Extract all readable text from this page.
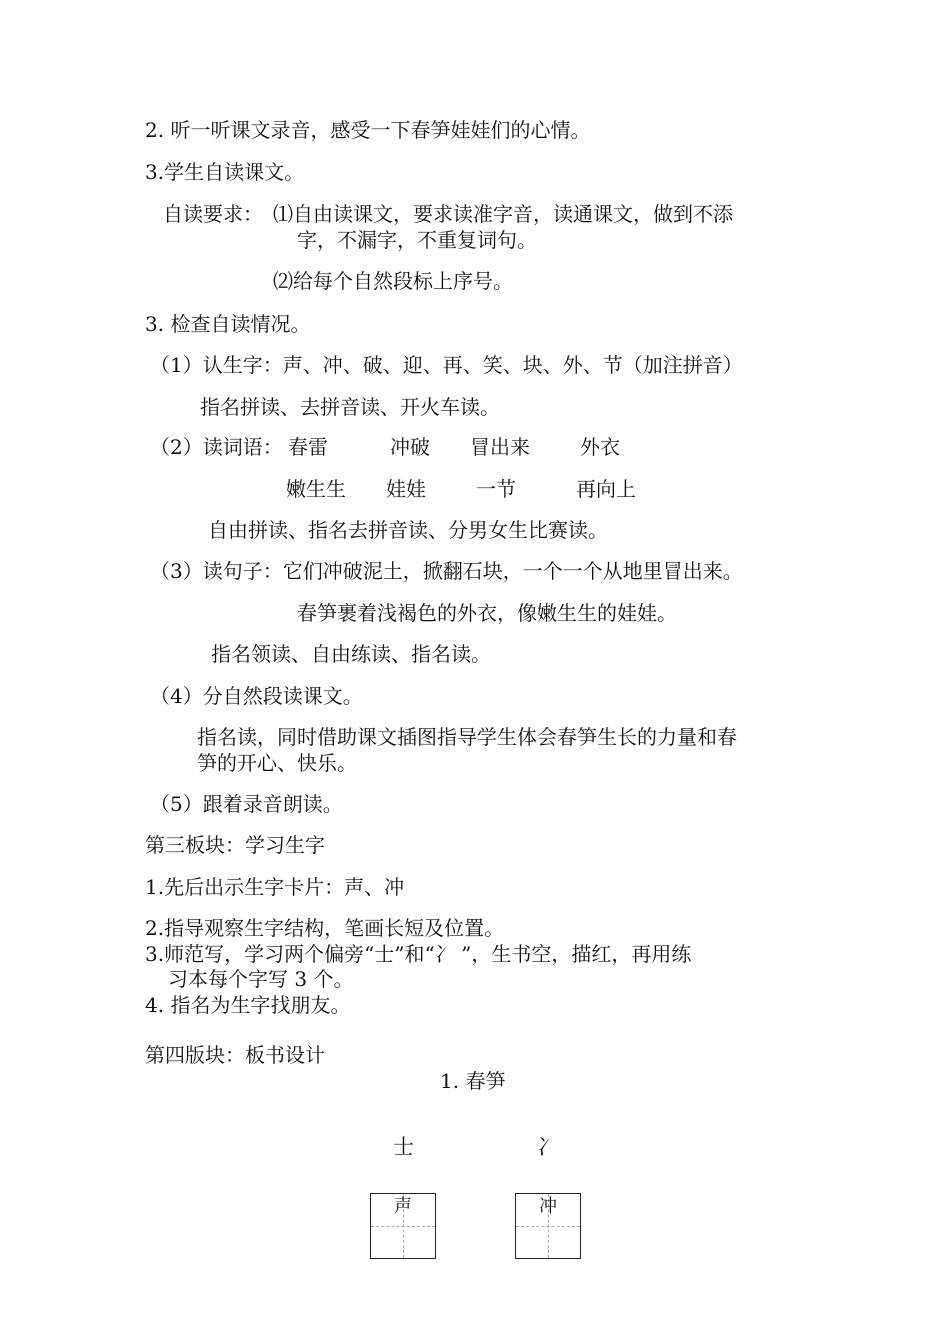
2. 听一听课文录音，感受一下春笋娃娃们的心情。
3.学生自读课文。
自读要求： ⑴自由读课文，要求读准字音，读通课文，做到不添
字，不漏字，不重复词句。
⑵给每个自然段标上序号。
3. 检查自读情况。
（1）认生字：声、冲、破、迎、再、笑、块、外、节（加注拼音）
指名拼读、去拼音读、开火车读。
（2）读词语： 春雷	冲破 冒出来	外衣
嫩生生 娃娃	一节	再向上
自由拼读、指名去拼音读、分男女生比赛读。
（3）读句子：它们冲破泥土，掀翻石块，一个一个从地里冒出来。
春笋裹着浅褐色的外衣，像嫩生生的娃娃。
指名领读、自由练读、指名读。
（4）分自然段读课文。
指名读，同时借助课文插图指导学生体会春笋生长的力量和春
笋的开心、快乐。
（5）跟着录音朗读。
第三板块：学习生字
1.先后出示生字卡片：声、冲
2.指导观察生字结构，笔画长短及位置。
3.师范写，学习两个偏旁“士”和“冫 ”，生书空，描红，再用练
习本每个字写 3 个。
4. 指名为生字找朋友。
第四版块：板书设计
1. 春笋
士	冫
声	冲
